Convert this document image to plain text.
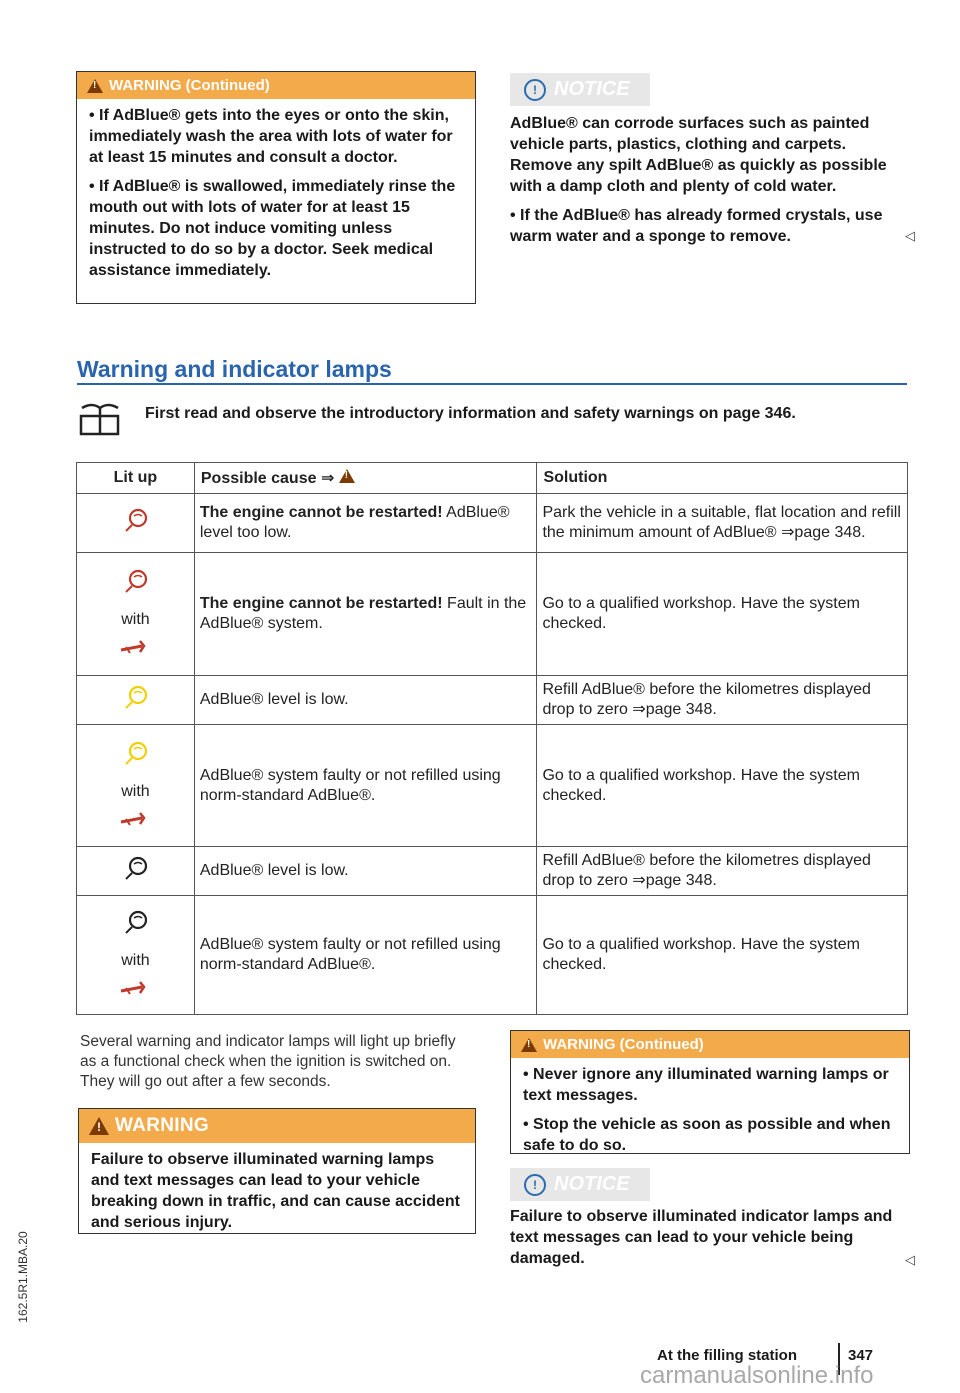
!
WARNING (Continued)

• If AdBlue® gets into the eyes or onto the skin, immediately wash the area with lots of water for at least 15 minutes and consult a doctor.

• If AdBlue® is swallowed, immediately rinse the mouth out with lots of water for at least 15 minutes. Do not induce vomiting unless instructed to do so by a doctor. Seek medical assistance immediately.

! NOTICE
AdBlue® can corrode surfaces such as painted vehicle parts, plastics, clothing and carpets. Remove any spilt AdBlue® as quickly as possible with a damp cloth and plenty of cold water.
• If the AdBlue® has already formed crystals, use warm water and a sponge to remove.	◁
Warning and indicator lamps
First read and observe the introductory information and safety warnings on page 346.
Lit up	Possible cause ⇒ !	Solution
	The engine cannot be restarted! AdBlue® level too low.	Park the vehicle in a suitable, flat location and refill the minimum amount of AdBlue® ⇒page 348.

with	The engine cannot be restarted! Fault in the AdBlue® system.	Go to a qualified workshop. Have the system checked.
	AdBlue® level is low.	Refill AdBlue® before the kilometres displayed drop to zero ⇒page 348.

with	AdBlue® system faulty or not refilled using norm-standard AdBlue®.	Go to a qualified workshop. Have the system checked.
	AdBlue® level is low.	Refill AdBlue® before the kilometres displayed drop to zero ⇒page 348.

with	AdBlue® system faulty or not refilled using norm-standard AdBlue®.	Go to a qualified workshop. Have the system checked.
Several warning and indicator lamps will light up briefly as a functional check when the ignition is switched on. They will go out after a few seconds.
!
WARNING
Failure to observe illuminated warning lamps and text messages can lead to your vehicle breaking down in traffic, and can cause accident and serious injury.
!
WARNING (Continued)

• Never ignore any illuminated warning lamps or text messages.

• Stop the vehicle as soon as possible and when safe to do so.

! NOTICE
Failure to observe illuminated indicator lamps and text messages can lead to your vehicle being damaged.	◁
At the filling station	347
carmanualsonline.info
162.5R1.MBA.20
